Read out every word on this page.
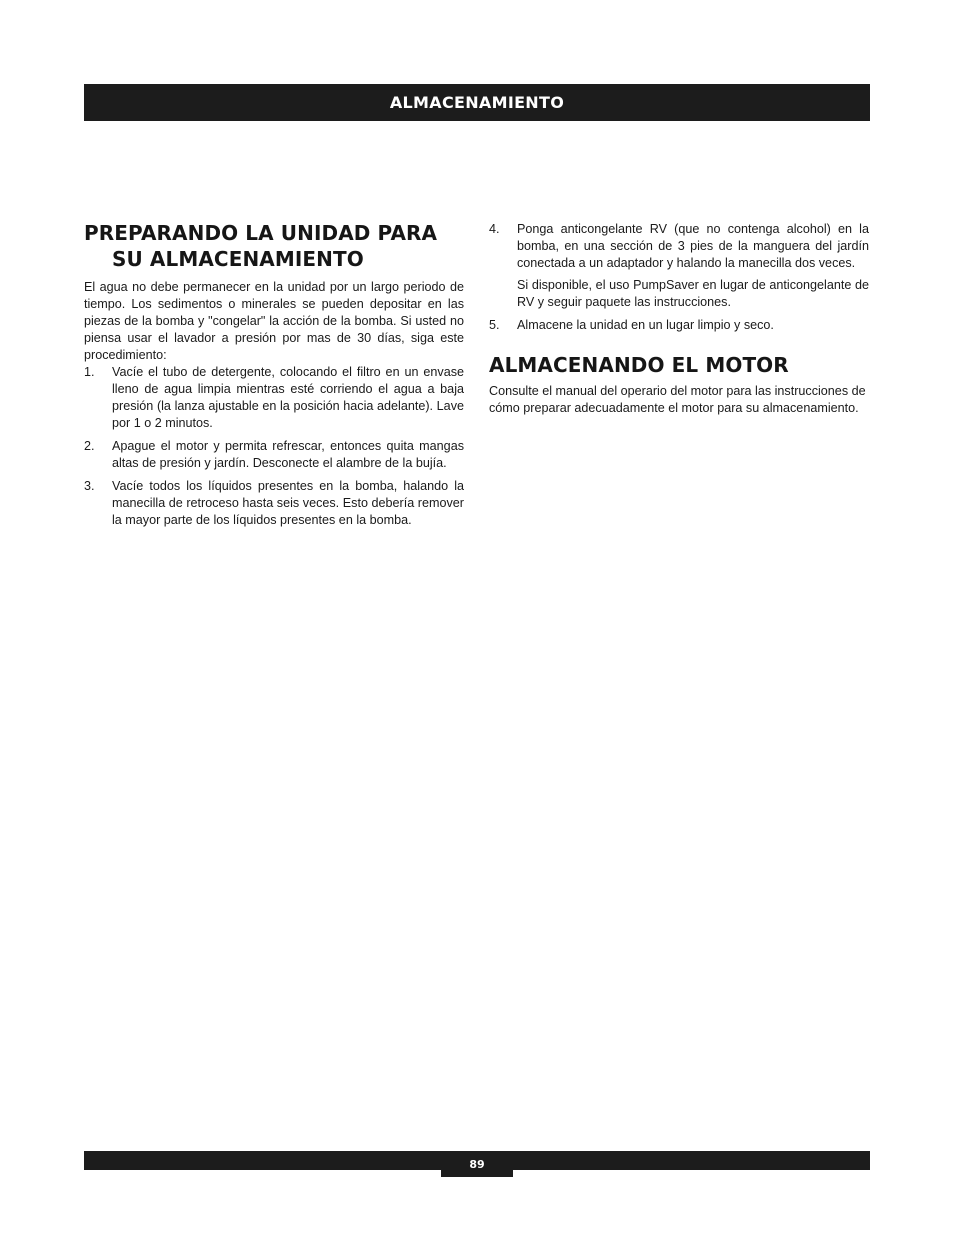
ALMACENAMIENTO
PREPARANDO LA UNIDAD PARA
SU ALMACENAMIENTO

El agua no debe permanecer en la unidad por un largo periodo de tiempo. Los sedimentos o minerales se pueden depositar en las piezas de la bomba y "congelar" la acción de la bomba. Si usted no piensa usar el lavador a presión por mas de 30 días, siga este procedimiento:

1.	Vacíe el tubo de detergente, colocando el filtro en un envase lleno de agua limpia mientras esté corriendo el agua a baja presión (la lanza ajustable en la posición hacia adelante). Lave por 1 o 2 minutos.
2.	Apague el motor y permita refrescar, entonces quita mangas altas de presión y jardín. Desconecte el alambre de la bujía.
3.	Vacíe todos los líquidos presentes en la bomba, halando la manecilla de retroceso hasta seis veces. Esto debería remover la mayor parte de los líquidos presentes en la bomba.
4.	Ponga anticongelante RV (que no contenga alcohol) en la bomba, en una sección de 3 pies de la manguera del jardín conectada a un adaptador y halando la manecilla dos veces.

Si disponible, el uso PumpSaver en lugar de anticongelante de RV y seguir paquete las instrucciones.

5.	Almacene la unidad en un lugar limpio y seco.
ALMACENANDO EL MOTOR

Consulte el manual del operario del motor para las instrucciones de cómo preparar adecuadamente el motor para su almacenamiento.

89
